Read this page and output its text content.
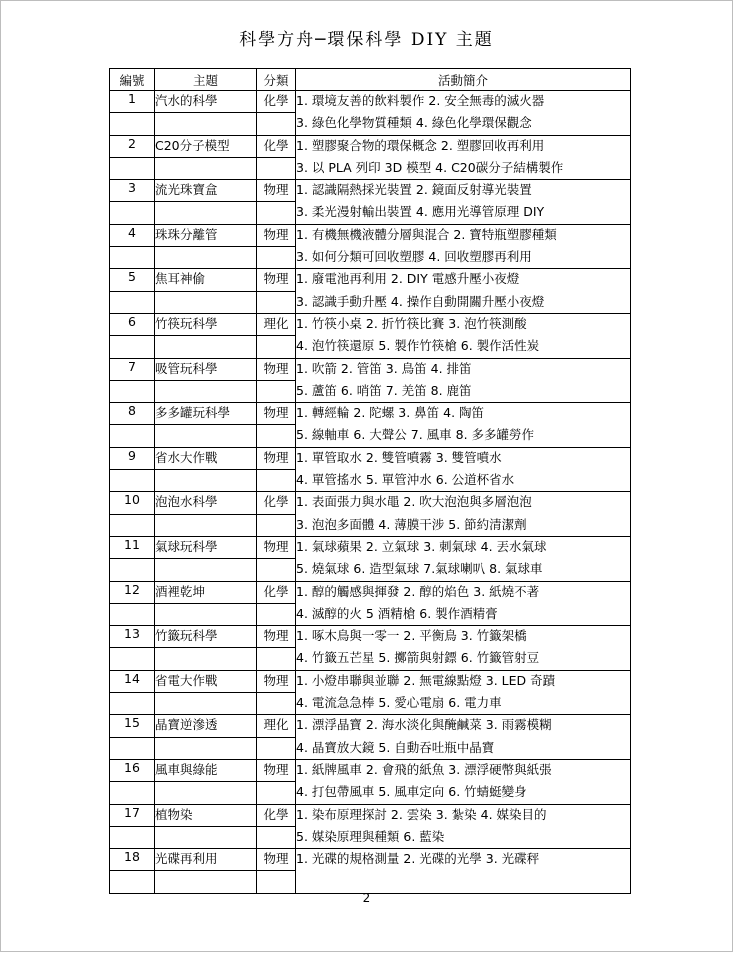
科學方舟─環保科學 DIY 主題
編號	主題	分類	活動簡介
1	汽水的科學	化學	1. 環境友善的飲料製作 2. 安全無毒的滅火器
			3. 綠色化學物質種類 4. 綠色化學環保觀念
2	C20分子模型	化學	1. 塑膠聚合物的環保概念 2. 塑膠回收再利用
			3. 以 PLA 列印 3D 模型 4. C20碳分子結構製作
3	流光珠寶盒	物理	1. 認識隔熱採光裝置 2. 鏡面反射導光裝置
			3. 柔光漫射輸出裝置 4. 應用光導管原理 DIY
4	珠珠分離管	物理	1. 有機無機液體分層與混合 2. 寶特瓶塑膠種類
			3. 如何分類可回收塑膠 4. 回收塑膠再利用
5	焦耳神偷	物理	1. 廢電池再利用 2. DIY 電感升壓小夜燈
			3. 認識手動升壓 4. 操作自動開關升壓小夜燈
6	竹筷玩科學	理化	1. 竹筷小桌 2. 折竹筷比賽 3. 泡竹筷測酸
			4. 泡竹筷還原 5. 製作竹筷槍 6. 製作活性炭
7	吸管玩科學	物理	1. 吹箭 2. 管笛 3. 鳥笛 4. 排笛
			5. 蘆笛 6. 哨笛 7. 羌笛 8. 鹿笛
8	多多罐玩科學	物理	1. 轉經輪 2. 陀螺 3. 鼻笛 4. 陶笛
			5. 線軸車 6. 大聲公 7. 風車 8. 多多罐勞作
9	省水大作戰	物理	1. 單管取水 2. 雙管噴霧 3. 雙管噴水
			4. 單管搖水 5. 單管沖水 6. 公道杯省水
10	泡泡水科學	化學	1. 表面張力與水黽 2. 吹大泡泡與多層泡泡
			3. 泡泡多面體 4. 薄膜干涉 5. 節約清潔劑
11	氣球玩科學	物理	1. 氣球蘋果 2. 立氣球 3. 刺氣球 4. 丟水氣球
			5. 燒氣球 6. 造型氣球 7.氣球喇叭 8. 氣球車
12	酒裡乾坤	化學	1. 醇的觸感與揮發 2. 醇的焰色 3. 紙燒不著
			4. 滅醇的火 5 酒精槍 6. 製作酒精膏
13	竹籤玩科學	物理	1. 啄木鳥與一零一 2. 平衡鳥 3. 竹籤架橋
			4. 竹籤五芒星 5. 擲箭與射鏢 6. 竹籤管射豆
14	省電大作戰	物理	1. 小燈串聯與並聯 2. 無電線點燈 3. LED 奇蹟
			4. 電流急急棒 5. 愛心電扇 6. 電力車
15	晶寶逆滲透	理化	1. 漂浮晶寶 2. 海水淡化與醃鹹菜 3. 雨霧模糊
			4. 晶寶放大鏡 5. 自動吞吐瓶中晶寶
16	風車與綠能	物理	1. 紙牌風車 2. 會飛的紙魚 3. 漂浮硬幣與紙張
			4. 打包帶風車 5. 風車定向 6. 竹蜻蜓變身
17	植物染	化學	1. 染布原理探討 2. 雲染 3. 紮染 4. 媒染目的
			5. 媒染原理與種類 6. 藍染
18	光碟再利用	物理	1. 光碟的規格測量 2. 光碟的光學 3. 光碟秤

2
